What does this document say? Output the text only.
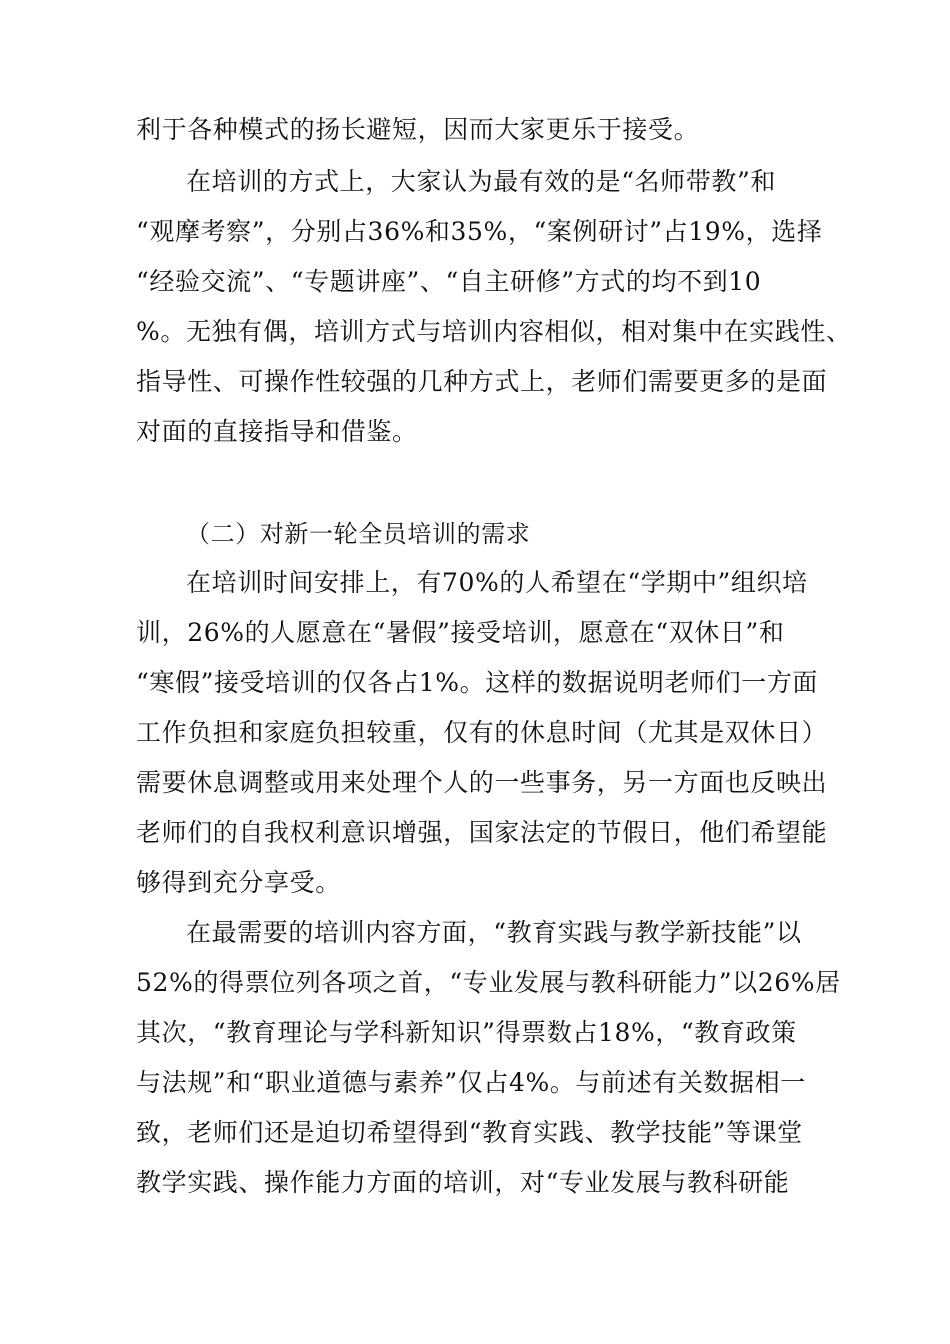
利于各种模式的扬长避短，因而大家更乐于接受。
在培训的方式上，大家认为最有效的是“名师带教”和
“观摩考察”，分别占36%和35%，“案例研讨”占19%，选择
“经验交流”、“专题讲座”、“自主研修”方式的均不到10
%。无独有偶，培训方式与培训内容相似，相对集中在实践性、
指导性、可操作性较强的几种方式上，老师们需要更多的是面
对面的直接指导和借鉴。
（二）对新一轮全员培训的需求
在培训时间安排上，有70%的人希望在“学期中”组织培
训，26%的人愿意在“暑假”接受培训，愿意在“双休日”和
“寒假”接受培训的仅各占1%。这样的数据说明老师们一方面
工作负担和家庭负担较重，仅有的休息时间（尤其是双休日）
需要休息调整或用来处理个人的一些事务，另一方面也反映出
老师们的自我权利意识增强，国家法定的节假日，他们希望能
够得到充分享受。
在最需要的培训内容方面，“教育实践与教学新技能”以
52%的得票位列各项之首，“专业发展与教科研能力”以26%居
其次，“教育理论与学科新知识”得票数占18%，“教育政策
与法规”和“职业道德与素养”仅占4%。与前述有关数据相一
致，老师们还是迫切希望得到“教育实践、教学技能”等课堂
教学实践、操作能力方面的培训，对“专业发展与教科研能
